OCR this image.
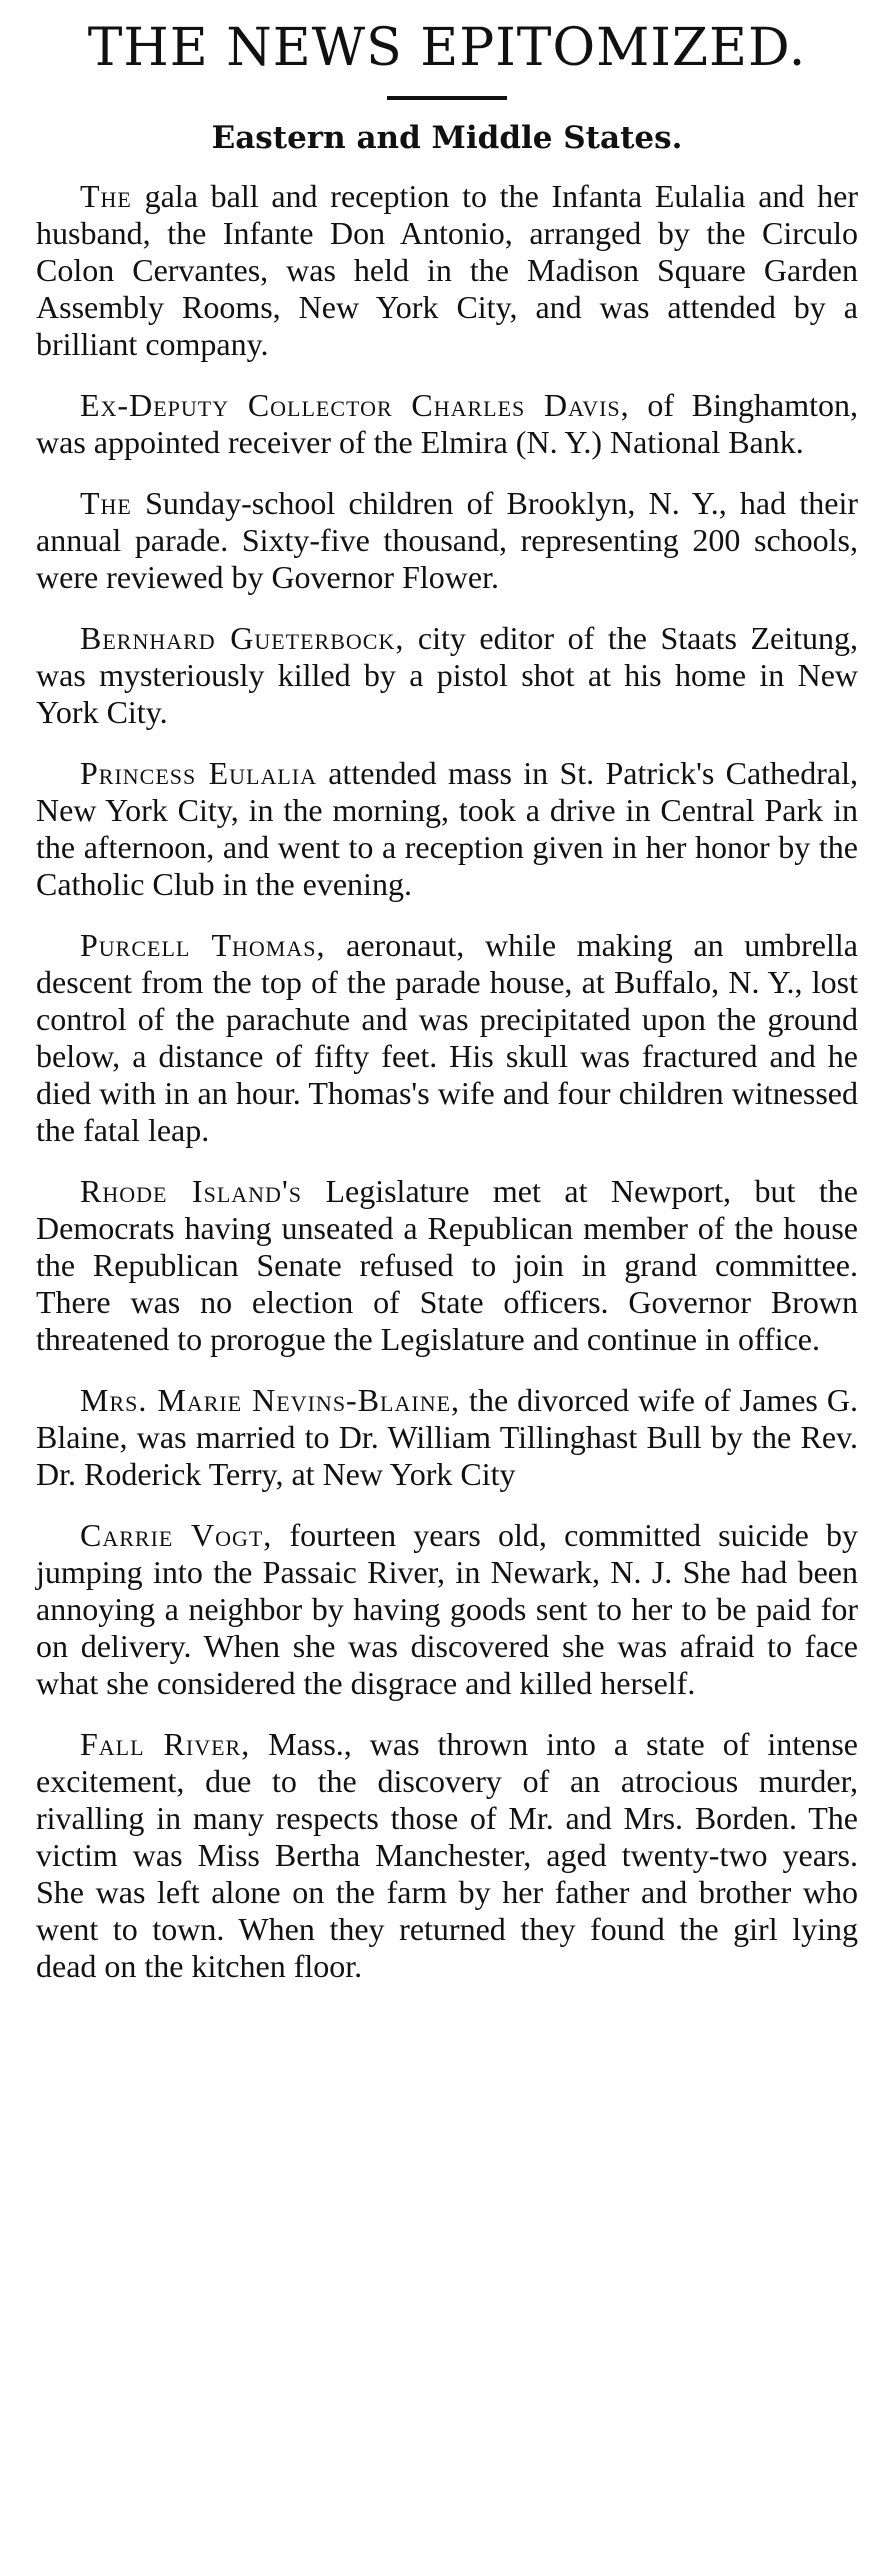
THE NEWS EPITOMIZED.
Eastern and Middle States.

The gala ball and reception to the Infanta Eulalia and her husband, the Infante Don Antonio, arranged by the Circulo Colon Cervantes, was held in the Madison Square Garden Assembly Rooms, New York City, and was attended by a brilliant company.

Ex-Deputy Collector Charles Davis, of Binghamton, was appointed receiver of the Elmira (N. Y.) National Bank.

The Sunday-school children of Brooklyn, N. Y., had their annual parade. Sixty-five thousand, representing 200 schools, were reviewed by Governor Flower.

Bernhard Gueterbock, city editor of the Staats Zeitung, was mysteriously killed by a pistol shot at his home in New York City.

Princess Eulalia attended mass in St. Patrick's Cathedral, New York City, in the morning, took a drive in Central Park in the afternoon, and went to a reception given in her honor by the Catholic Club in the evening.

Purcell Thomas, aeronaut, while making an umbrella descent from the top of the parade house, at Buffalo, N. Y., lost control of the parachute and was precipitated upon the ground below, a distance of fifty feet. His skull was fractured and he died with in an hour. Thomas's wife and four children witnessed the fatal leap.

Rhode Island's Legislature met at Newport, but the Democrats having unseated a Republican member of the house the Republican Senate refused to join in grand committee. There was no election of State officers. Governor Brown threatened to prorogue the Legislature and continue in office.

Mrs. Marie Nevins-Blaine, the divorced wife of James G. Blaine, was married to Dr. William Tillinghast Bull by the Rev. Dr. Roderick Terry, at New York City

Carrie Vogt, fourteen years old, committed suicide by jumping into the Passaic River, in Newark, N. J. She had been annoying a neighbor by having goods sent to her to be paid for on delivery. When she was discovered she was afraid to face what she considered the disgrace and killed herself.

Fall River, Mass., was thrown into a state of intense excitement, due to the discovery of an atrocious murder, rivalling in many respects those of Mr. and Mrs. Borden. The victim was Miss Bertha Manchester, aged twenty-two years. She was left alone on the farm by her father and brother who went to town. When they returned they found the girl lying dead on the kitchen floor.
